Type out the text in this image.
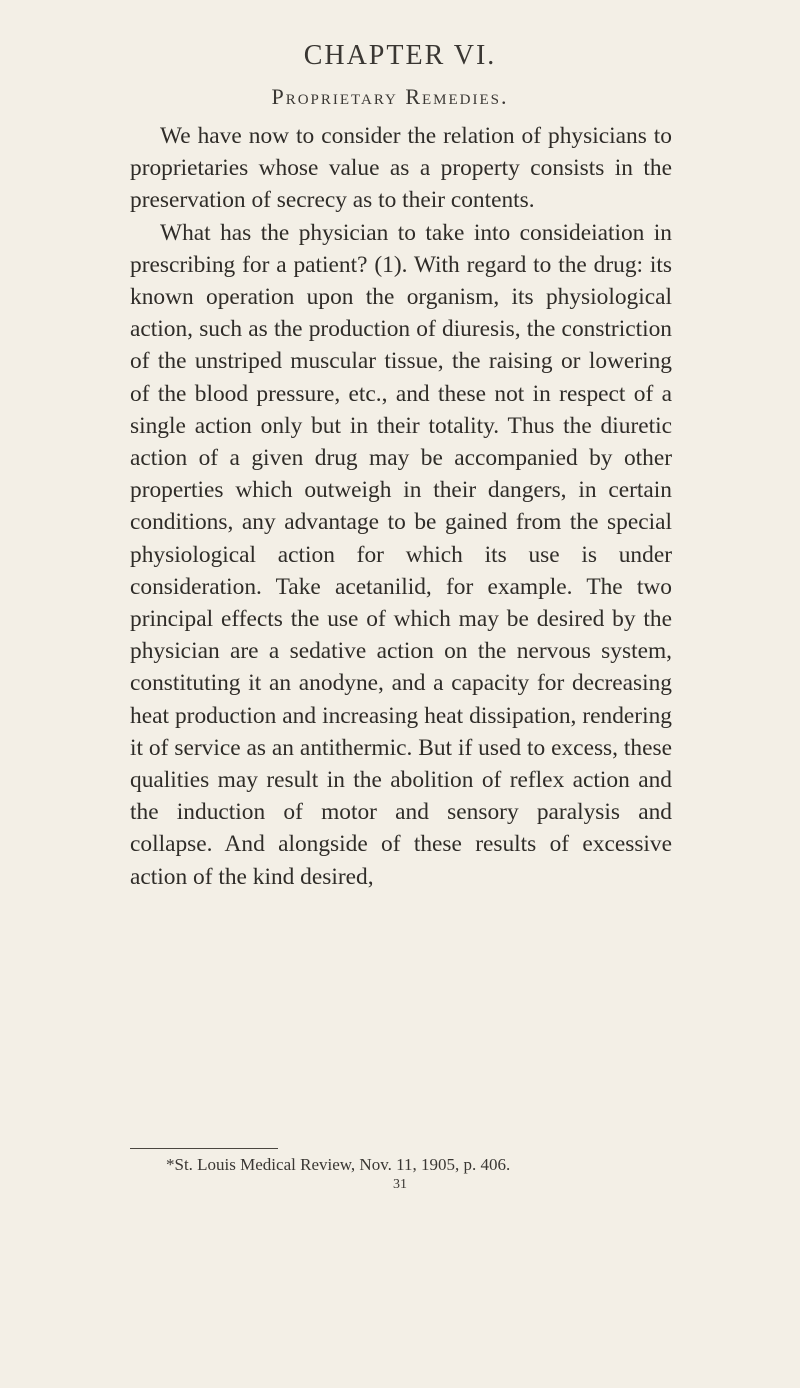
CHAPTER VI.
Proprietary Remedies.

We have now to consider the relation of physicians to proprietaries whose value as a property consists in the preservation of secrecy as to their contents.

What has the physician to take into consideiation in prescribing for a patient? (1). With regard to the drug: its known operation upon the organism, its physiological action, such as the production of diuresis, the constriction of the unstriped muscular tissue, the raising or lowering of the blood pressure, etc., and these not in respect of a single action only but in their totality. Thus the diuretic action of a given drug may be accompanied by other properties which outweigh in their dangers, in certain conditions, any advantage to be gained from the special physiological action for which its use is under consideration. Take acetanilid, for example. The two principal effects the use of which may be desired by the physician are a sedative action on the nervous system, constituting it an anodyne, and a capacity for decreasing heat production and increasing heat dissipation, rendering it of service as an antithermic. But if used to excess, these qualities may result in the abolition of reflex action and the induction of motor and sensory paralysis and collapse. And alongside of these results of excessive action of the kind desired,

*St. Louis Medical Review, Nov. 11, 1905, p. 406.
31
